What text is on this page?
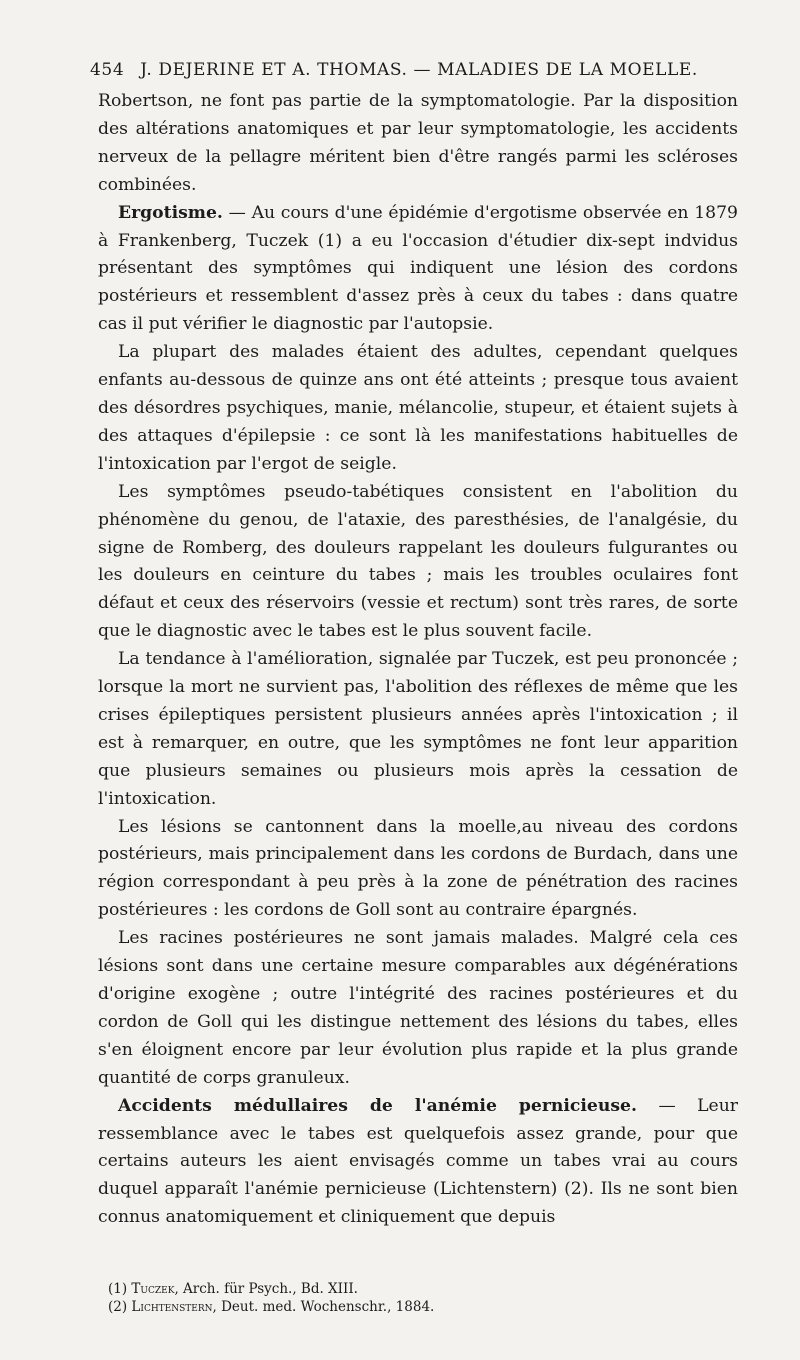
454 J. DEJERINE ET A. THOMAS. — MALADIES DE LA MOELLE.

Robertson, ne font pas partie de la symptomatologie. Par la disposition des altérations anatomiques et par leur symptomatologie, les accidents nerveux de la pellagre méritent bien d'être rangés parmi les scléroses combinées.

Ergotisme. — Au cours d'une épidémie d'ergotisme observée en 1879 à Frankenberg, Tuczek (1) a eu l'occasion d'étudier dix-sept indvidus présentant des symptômes qui indiquent une lésion des cordons postérieurs et ressemblent d'assez près à ceux du tabes : dans quatre cas il put vérifier le diagnostic par l'autopsie.

La plupart des malades étaient des adultes, cependant quelques enfants au-dessous de quinze ans ont été atteints ; presque tous avaient des désordres psychiques, manie, mélancolie, stupeur, et étaient sujets à des attaques d'épilepsie : ce sont là les manifestations habituelles de l'intoxication par l'ergot de seigle.

Les symptômes pseudo-tabétiques consistent en l'abolition du phénomène du genou, de l'ataxie, des paresthésies, de l'analgésie, du signe de Romberg, des douleurs rappelant les douleurs fulgurantes ou les douleurs en ceinture du tabes ; mais les troubles oculaires font défaut et ceux des réservoirs (vessie et rectum) sont très rares, de sorte que le diagnostic avec le tabes est le plus souvent facile.

La tendance à l'amélioration, signalée par Tuczek, est peu prononcée ; lorsque la mort ne survient pas, l'abolition des réflexes de même que les crises épileptiques persistent plusieurs années après l'intoxication ; il est à remarquer, en outre, que les symptômes ne font leur apparition que plusieurs semaines ou plusieurs mois après la cessation de l'intoxication.

Les lésions se cantonnent dans la moelle,au niveau des cordons postérieurs, mais principalement dans les cordons de Burdach, dans une région correspondant à peu près à la zone de pénétration des racines postérieures : les cordons de Goll sont au contraire épargnés.

Les racines postérieures ne sont jamais malades. Malgré cela ces lésions sont dans une certaine mesure comparables aux dégénérations d'origine exogène ; outre l'intégrité des racines postérieures et du cordon de Goll qui les distingue nettement des lésions du tabes, elles s'en éloignent encore par leur évolution plus rapide et la plus grande quantité de corps granuleux.

Accidents médullaires de l'anémie pernicieuse. — Leur ressemblance avec le tabes est quelquefois assez grande, pour que certains auteurs les aient envisagés comme un tabes vrai au cours duquel apparaît l'anémie pernicieuse (Lichtenstern) (2). Ils ne sont bien connus anatomiquement et cliniquement que depuis

(1) Tuczek, Arch. für Psych., Bd. XIII.
(2) Lichtenstern, Deut. med. Wochenschr., 1884.
